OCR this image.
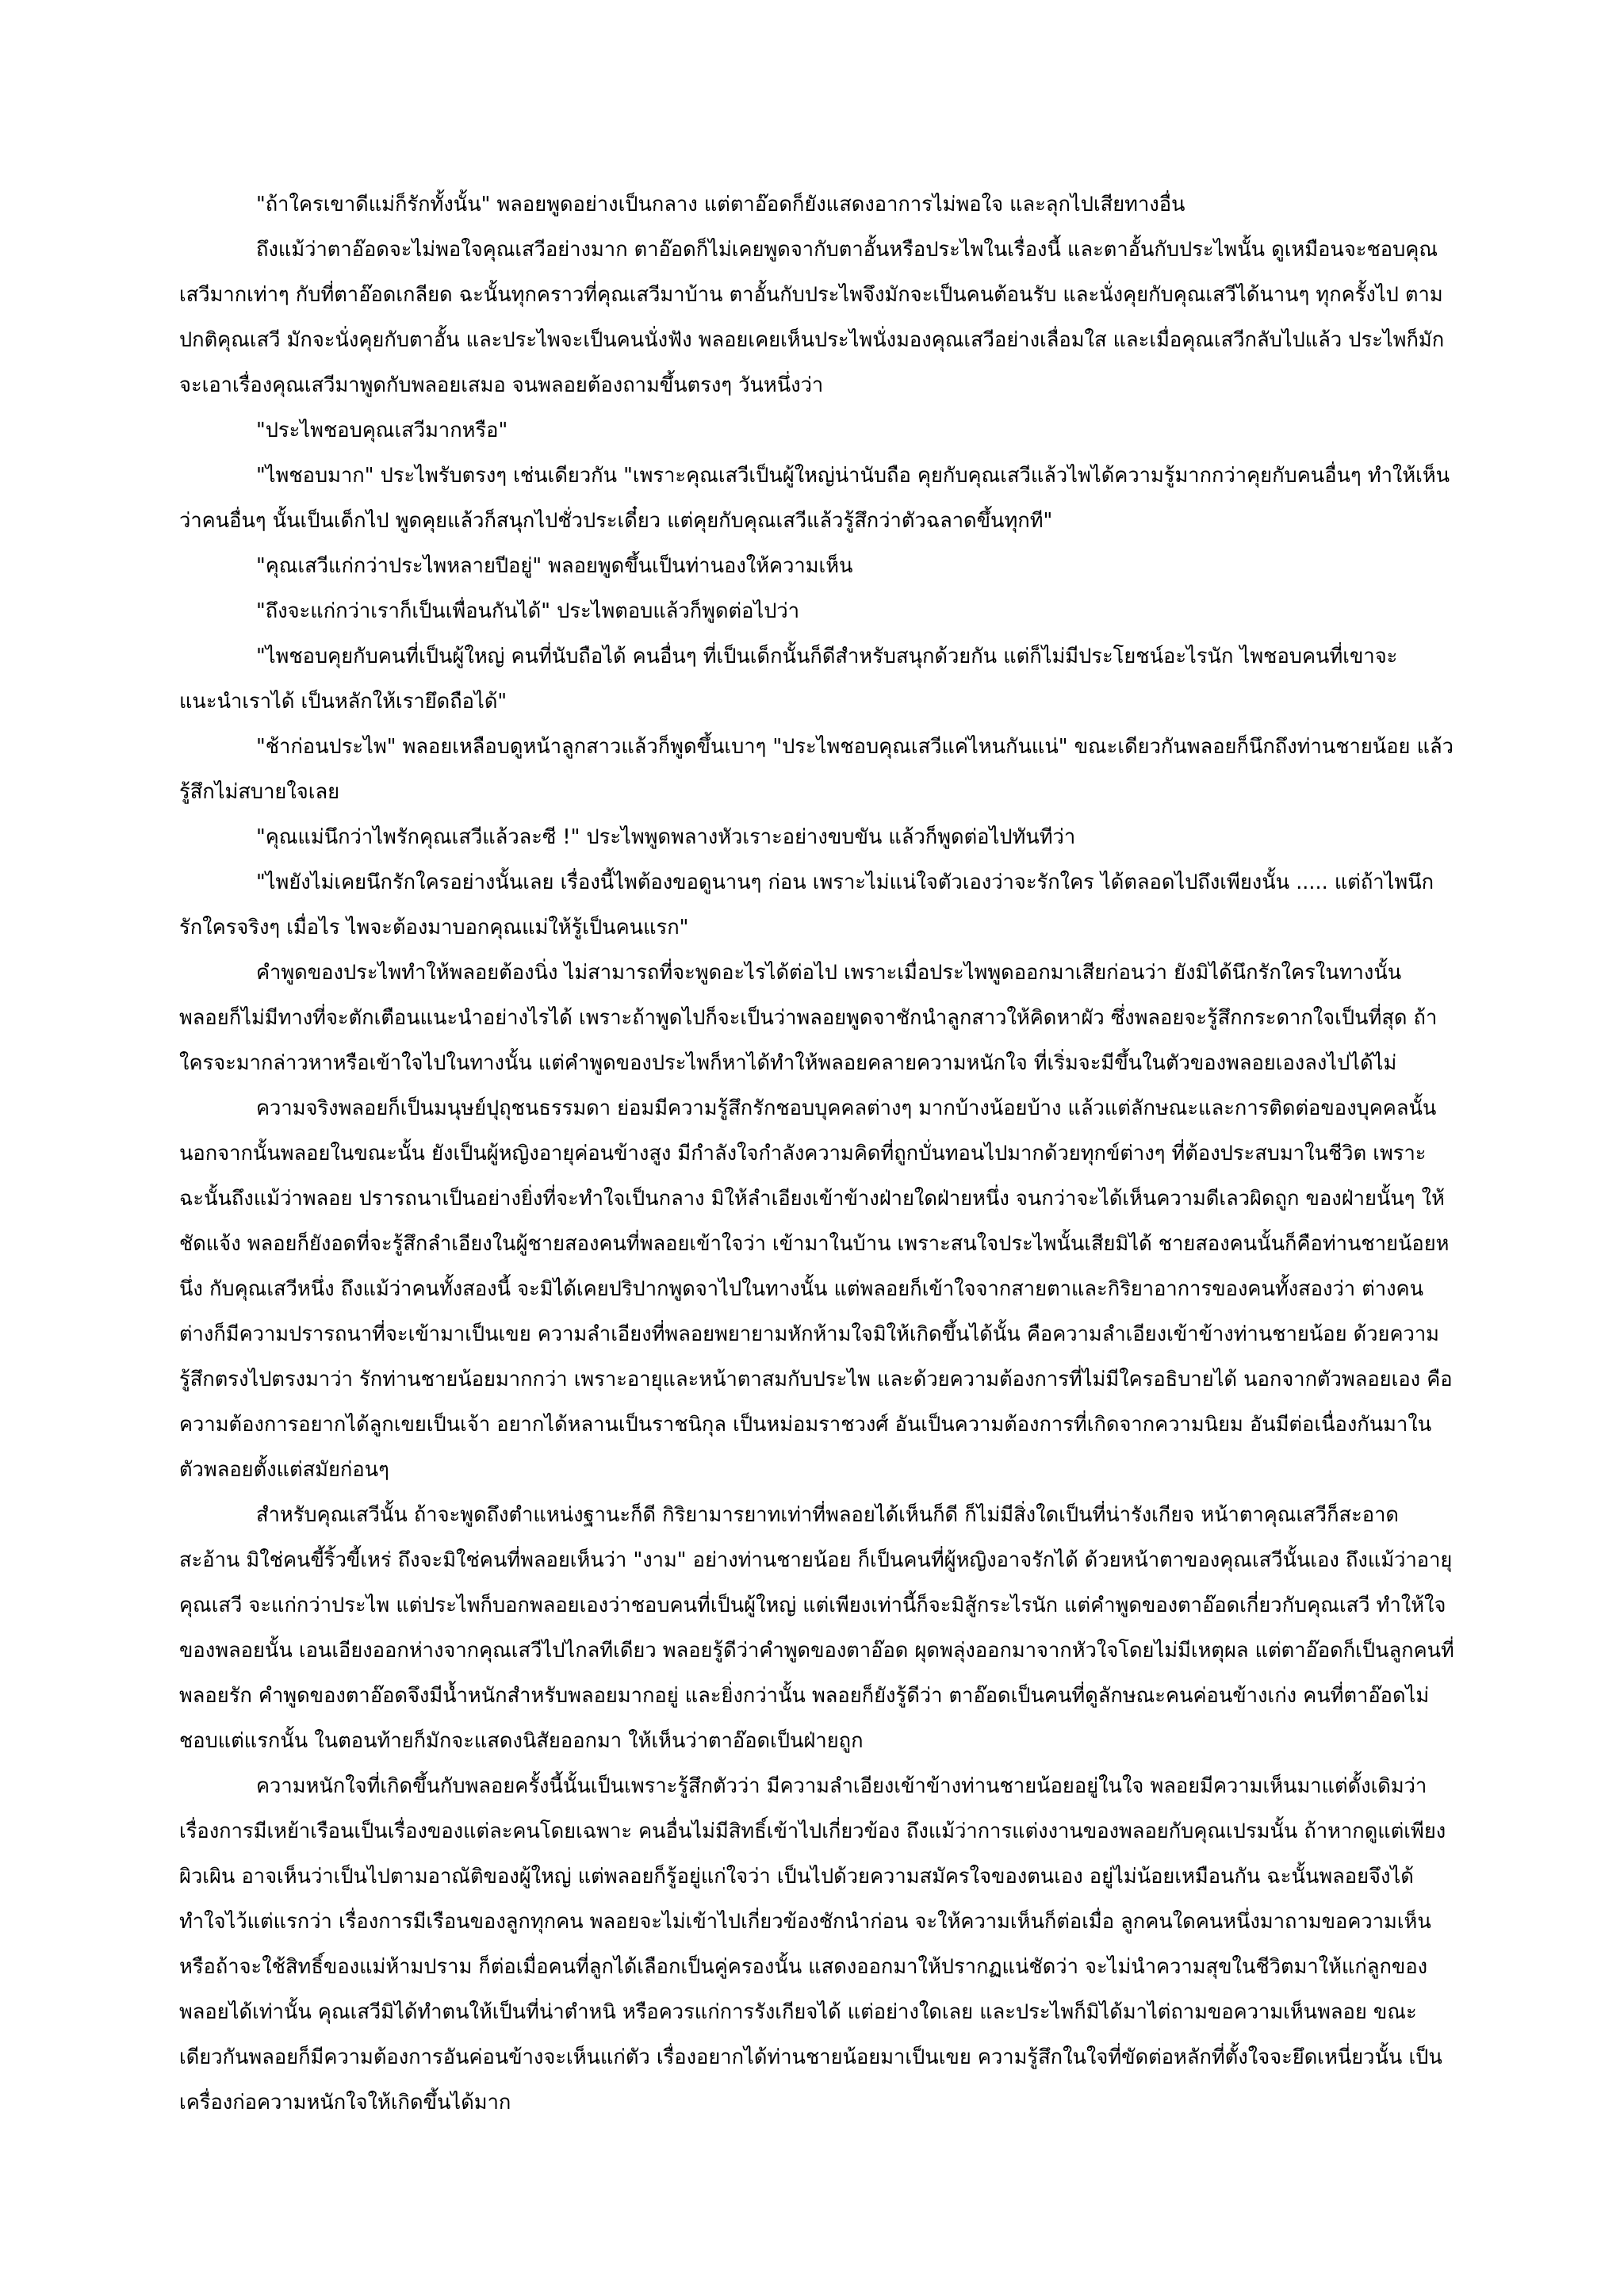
"ถ้าใครเขาดีแม่ก็รักทั้งนั้น" พลอยพูดอย่างเป็นกลาง แต่ตาอ๊อดก็ยังแสดงอาการไม่พอใจ และลุกไปเสียทางอื่น

ถึงแม้ว่าตาอ๊อดจะไม่พอใจคุณเสวีอย่างมาก ตาอ๊อดก็ไม่เคยพูดจากับตาอั้นหรือประไพในเรื่องนี้ และตาอั้นกับประไพนั้น ดูเหมือนจะชอบคุณเสวีมากเท่าๆ กับที่ตาอ๊อดเกลียด ฉะนั้นทุกคราวที่คุณเสวีมาบ้าน ตาอั้นกับประไพจึงมักจะเป็นคนต้อนรับ และนั่งคุยกับคุณเสวีได้นานๆ ทุกครั้งไป ตามปกติคุณเสวี มักจะนั่งคุยกับตาอั้น และประไพจะเป็นคนนั่งฟัง พลอยเคยเห็นประไพนั่งมองคุณเสวีอย่างเลื่อมใส และเมื่อคุณเสวีกลับไปแล้ว ประไพก็มักจะเอาเรื่องคุณเสวีมาพูดกับพลอยเสมอ จนพลอยต้องถามขึ้นตรงๆ วันหนึ่งว่า

"ประไพชอบคุณเสวีมากหรือ"

"ไพชอบมาก" ประไพรับตรงๆ เช่นเดียวกัน "เพราะคุณเสวีเป็นผู้ใหญ่น่านับถือ คุยกับคุณเสวีแล้วไพได้ความรู้มากกว่าคุยกับคนอื่นๆ ทำให้เห็นว่าคนอื่นๆ นั้นเป็นเด็กไป พูดคุยแล้วก็สนุกไปชั่วประเดี๋ยว แต่คุยกับคุณเสวีแล้วรู้สึกว่าตัวฉลาดขึ้นทุกที"

"คุณเสวีแก่กว่าประไพหลายปีอยู่" พลอยพูดขึ้นเป็นท่านองให้ความเห็น

"ถึงจะแก่กว่าเราก็เป็นเพื่อนกันได้" ประไพตอบแล้วก็พูดต่อไปว่า

"ไพชอบคุยกับคนที่เป็นผู้ใหญ่ คนที่นับถือได้ คนอื่นๆ ที่เป็นเด็กนั้นก็ดีสำหรับสนุกด้วยกัน แต่ก็ไม่มีประโยชน์อะไรนัก ไพชอบคนที่เขาจะแนะนำเราได้ เป็นหลักให้เรายึดถือได้"

"ช้าก่อนประไพ" พลอยเหลือบดูหน้าลูกสาวแล้วก็พูดขึ้นเบาๆ "ประไพชอบคุณเสวีแค่ไหนกันแน่" ขณะเดียวกันพลอยก็นึกถึงท่านชายน้อย แล้วรู้สึกไม่สบายใจเลย

"คุณแม่นึกว่าไพรักคุณเสวีแล้วละซี !" ประไพพูดพลางหัวเราะอย่างขบขัน แล้วก็พูดต่อไปทันทีว่า

"ไพยังไม่เคยนึกรักใครอย่างนั้นเลย เรื่องนี้ไพต้องขอดูนานๆ ก่อน เพราะไม่แน่ใจตัวเองว่าจะรักใคร ได้ตลอดไปถึงเพียงนั้น ..... แต่ถ้าไพนึกรักใครจริงๆ เมื่อไร ไพจะต้องมาบอกคุณแม่ให้รู้เป็นคนแรก"

คำพูดของประไพทำให้พลอยต้องนิ่ง ไม่สามารถที่จะพูดอะไรได้ต่อไป เพราะเมื่อประไพพูดออกมาเสียก่อนว่า ยังมิได้นึกรักใครในทางนั้น พลอยก็ไม่มีทางที่จะตักเตือนแนะนำอย่างไรได้ เพราะถ้าพูดไปก็จะเป็นว่าพลอยพูดจาชักนำลูกสาวให้คิดหาผัว ซึ่งพลอยจะรู้สึกกระดากใจเป็นที่สุด ถ้าใครจะมากล่าวหาหรือเข้าใจไปในทางนั้น แต่คำพูดของประไพก็หาได้ทำให้พลอยคลายความหนักใจ ที่เริ่มจะมีขึ้นในตัวของพลอยเองลงไปได้ไม่

ความจริงพลอยก็เป็นมนุษย์ปุถุชนธรรมดา ย่อมมีความรู้สึกรักชอบบุคคลต่างๆ มากบ้างน้อยบ้าง แล้วแต่ลักษณะและการติดต่อของบุคคลนั้น นอกจากนั้นพลอยในขณะนั้น ยังเป็นผู้หญิงอายุค่อนข้างสูง มีกำลังใจกำลังความคิดที่ถูกบั่นทอนไปมากด้วยทุกข์ต่างๆ ที่ต้องประสบมาในชีวิต เพราะฉะนั้นถึงแม้ว่าพลอย ปรารถนาเป็นอย่างยิ่งที่จะทำใจเป็นกลาง มิให้ลำเอียงเข้าข้างฝ่ายใดฝ่ายหนึ่ง จนกว่าจะได้เห็นความดีเลวผิดถูก ของฝ่ายนั้นๆ ให้ชัดแจ้ง พลอยก็ยังอดที่จะรู้สึกลำเอียงในผู้ชายสองคนที่พลอยเข้าใจว่า เข้ามาในบ้าน เพราะสนใจประไพนั้นเสียมิได้ ชายสองคนนั้นก็คือท่านชายน้อยหนึ่ง กับคุณเสวีหนึ่ง ถึงแม้ว่าคนทั้งสองนี้ จะมิได้เคยปริปากพูดจาไปในทางนั้น แต่พลอยก็เข้าใจจากสายตาและกิริยาอาการของคนทั้งสองว่า ต่างคนต่างก็มีความปรารถนาที่จะเข้ามาเป็นเขย ความลำเอียงที่พลอยพยายามหักห้ามใจมิให้เกิดขึ้นได้นั้น คือความลำเอียงเข้าข้างท่านชายน้อย ด้วยความรู้สึกตรงไปตรงมาว่า รักท่านชายน้อยมากกว่า เพราะอายุและหน้าตาสมกับประไพ และด้วยความต้องการที่ไม่มีใครอธิบายได้ นอกจากตัวพลอยเอง คือความต้องการอยากได้ลูกเขยเป็นเจ้า อยากได้หลานเป็นราชนิกุล เป็นหม่อมราชวงศ์ อันเป็นความต้องการที่เกิดจากความนิยม อันมีต่อเนื่องกันมาในตัวพลอยตั้งแต่สมัยก่อนๆ

สำหรับคุณเสวีนั้น ถ้าจะพูดถึงตำแหน่งฐานะก็ดี กิริยามารยาทเท่าที่พลอยได้เห็นก็ดี ก็ไม่มีสิ่งใดเป็นที่น่ารังเกียจ หน้าตาคุณเสวีก็สะอาดสะอ้าน มิใช่คนขี้ริ้วขี้เหร่ ถึงจะมิใช่คนที่พลอยเห็นว่า "งาม" อย่างท่านชายน้อย ก็เป็นคนที่ผู้หญิงอาจรักได้ ด้วยหน้าตาของคุณเสวีนั้นเอง ถึงแม้ว่าอายุคุณเสวี จะแก่กว่าประไพ แต่ประไพก็บอกพลอยเองว่าชอบคนที่เป็นผู้ใหญ่ แต่เพียงเท่านี้ก็จะมิสู้กระไรนัก แต่คำพูดของตาอ๊อดเกี่ยวกับคุณเสวี ทำให้ใจของพลอยนั้น เอนเอียงออกห่างจากคุณเสวีไปไกลทีเดียว พลอยรู้ดีว่าคำพูดของตาอ๊อด ผุดพลุ่งออกมาจากหัวใจโดยไม่มีเหตุผล แต่ตาอ๊อดก็เป็นลูกคนที่พลอยรัก คำพูดของตาอ๊อดจึงมีน้ำหนักสำหรับพลอยมากอยู่ และยิ่งกว่านั้น พลอยก็ยังรู้ดีว่า ตาอ๊อดเป็นคนที่ดูลักษณะคนค่อนข้างเก่ง คนที่ตาอ๊อดไม่ชอบแต่แรกนั้น ในตอนท้ายก็มักจะแสดงนิสัยออกมา ให้เห็นว่าตาอ๊อดเป็นฝ่ายถูก

ความหนักใจที่เกิดขึ้นกับพลอยครั้งนี้นั้นเป็นเพราะรู้สึกตัวว่า มีความลำเอียงเข้าข้างท่านชายน้อยอยู่ในใจ พลอยมีความเห็นมาแต่ดั้งเดิมว่า เรื่องการมีเหย้าเรือนเป็นเรื่องของแต่ละคนโดยเฉพาะ คนอื่นไม่มีสิทธิ์เข้าไปเกี่ยวข้อง ถึงแม้ว่าการแต่งงานของพลอยกับคุณเปรมนั้น ถ้าหากดูแต่เพียงผิวเผิน อาจเห็นว่าเป็นไปตามอาณัติของผู้ใหญ่ แต่พลอยก็รู้อยู่แก่ใจว่า เป็นไปด้วยความสมัครใจของตนเอง อยู่ไม่น้อยเหมือนกัน ฉะนั้นพลอยจึงได้ทำใจไว้แต่แรกว่า เรื่องการมีเรือนของลูกทุกคน พลอยจะไม่เข้าไปเกี่ยวข้องชักนำก่อน จะให้ความเห็นก็ต่อเมื่อ ลูกคนใดคนหนึ่งมาถามขอความเห็น หรือถ้าจะใช้สิทธิ์ของแม่ห้ามปราม ก็ต่อเมื่อคนที่ลูกได้เลือกเป็นคู่ครองนั้น แสดงออกมาให้ปรากฏแน่ชัดว่า จะไม่นำความสุขในชีวิตมาให้แก่ลูกของพลอยได้เท่านั้น คุณเสวีมิได้ทำตนให้เป็นที่น่าตำหนิ หรือควรแก่การรังเกียจได้ แต่อย่างใดเลย และประไพก็มิได้มาไต่ถามขอความเห็นพลอย ขณะเดียวกันพลอยก็มีความต้องการอันค่อนข้างจะเห็นแก่ตัว เรื่องอยากได้ท่านชายน้อยมาเป็นเขย ความรู้สึกในใจที่ขัดต่อหลักที่ตั้งใจจะยึดเหนี่ยวนั้น เป็นเครื่องก่อความหนักใจให้เกิดขึ้นได้มาก
